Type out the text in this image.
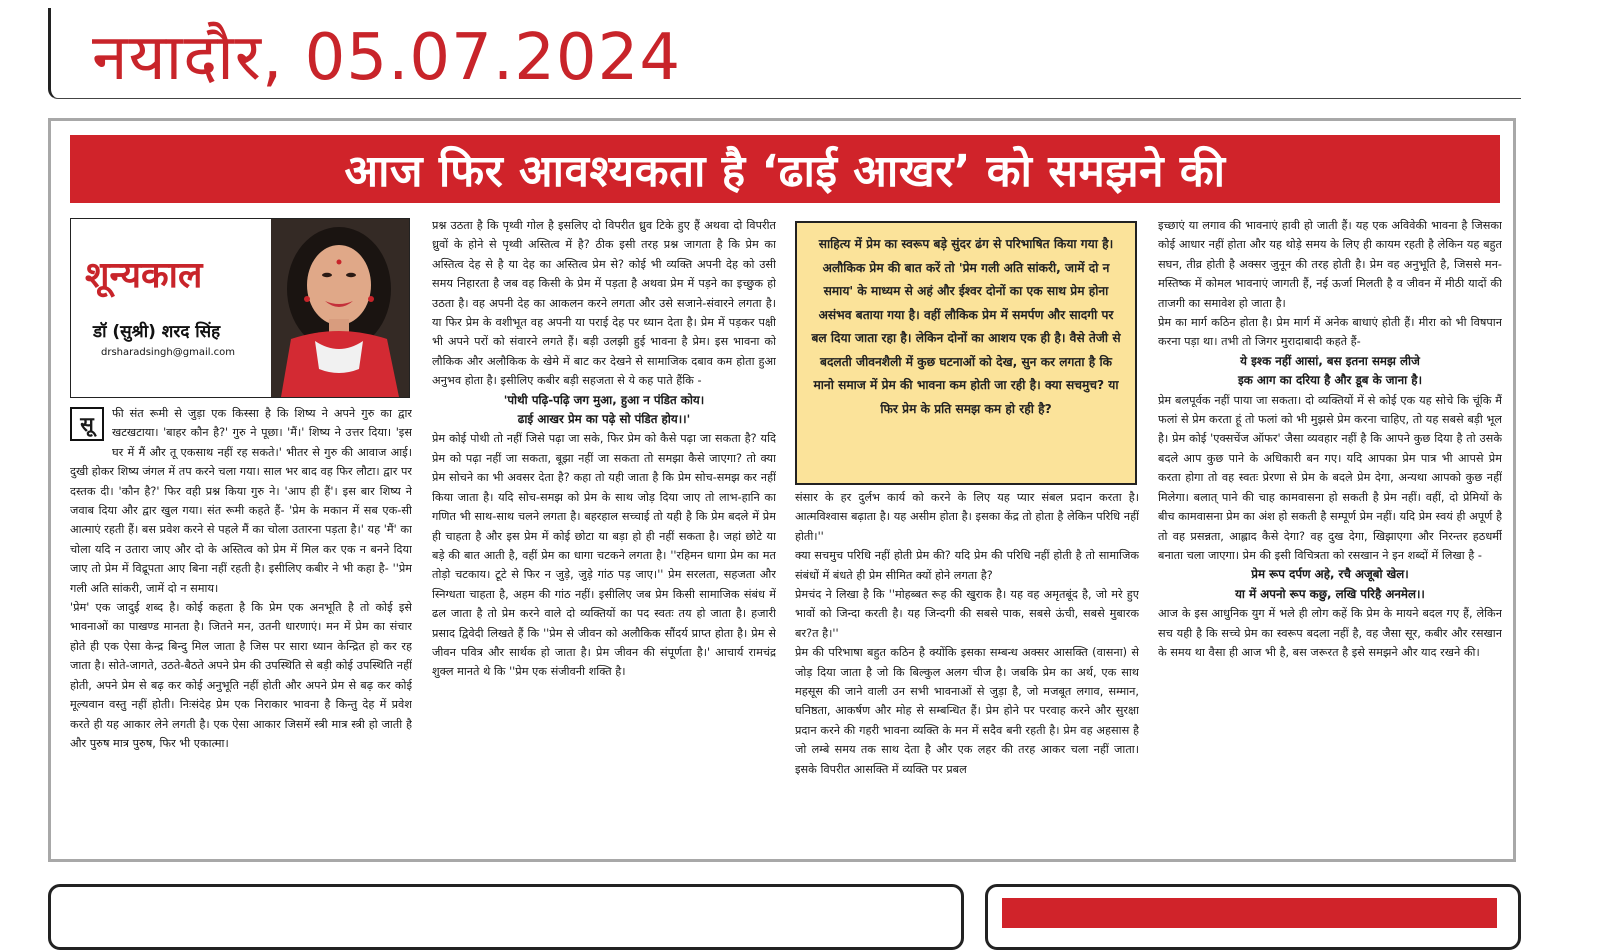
नयादौर, 05.07.2024
आज फिर आवश्यकता है ‘ढाई आखर’ को समझने की
शून्यकाल
डॉ (सुश्री) शरद सिंह
drsharadsingh@gmail.com
सू	फी संत रूमी से जुड़ा एक किस्सा है कि शिष्य ने अपने गुरु का द्वार खटखटाया। 'बाहर कौन है?' गुरु ने पूछा। 'मैं।' शिष्य ने उत्तर दिया। 'इस घर में मैं और तू एकसाथ नहीं रह सकते।' भीतर से गुरु की आवाज आई। दुखी होकर शिष्य जंगल में तप करने चला गया। साल भर बाद वह फिर लौटा। द्वार पर दस्तक दी। 'कौन है?' फिर वही प्रश्न किया गुरु ने। 'आप ही हैं'। इस बार शिष्य ने जवाब दिया और द्वार खुल गया। संत रूमी कहते हैं- 'प्रेम के मकान में सब एक-सी आत्माएं रहती हैं। बस प्रवेश करने से पहले मैं का चोला उतारना पड़ता है।' यह 'मैं' का चोला यदि न उतारा जाए और दो के अस्तित्व को प्रेम में मिल कर एक न बनने दिया जाए तो प्रेम में विद्रूपता आए बिना नहीं रहती है। इसीलिए कबीर ने भी कहा है- ''प्रेम गली अति सांकरी, जामें दो न समाय।

'प्रेम' एक जादुई शब्द है। कोई कहता है कि प्रेम एक अनभूति है तो कोई इसे भावनाओं का पाखण्ड मानता है। जितने मन, उतनी धारणाएं। मन में प्रेम का संचार होते ही एक ऐसा केन्द्र बिन्दु मिल जाता है जिस पर सारा ध्यान केन्द्रित हो कर रह जाता है। सोते-जागते, उठते-बैठते अपने प्रेम की उपस्थिति से बड़ी कोई उपस्थिति नहीं होती, अपने प्रेम से बढ़ कर कोई अनुभूति नहीं होती और अपने प्रेम से बढ़ कर कोई मूल्यवान वस्तु नहीं होती। निःसंदेह प्रेम एक निराकार भावना है किन्तु देह में प्रवेश करते ही यह आकार लेने लगती है। एक ऐसा आकार जिसमें स्त्री मात्र स्त्री हो जाती है और पुरुष मात्र पुरुष, फिर भी एकात्मा।

प्रश्न उठता है कि पृथ्वी गोल है इसलिए दो विपरीत ध्रुव टिके हुए हैं अथवा दो विपरीत ध्रुवों के होने से पृथ्वी अस्तित्व में है? ठीक इसी तरह प्रश्न जागता है कि प्रेम का अस्तित्व देह से है या देह का अस्तित्व प्रेम से? कोई भी व्यक्ति अपनी देह को उसी समय निहारता है जब वह किसी के प्रेम में पड़ता है अथवा प्रेम में पड़ने का इच्छुक हो उठता है। वह अपनी देह का आकलन करने लगता और उसे सजाने-संवारने लगता है। या फिर प्रेम के वशीभूत वह अपनी या पराई देह पर ध्यान देता है। प्रेम में पड़कर पक्षी भी अपने परों को संवारने लगते हैं। बड़ी उलझी हुई भावना है प्रेम। इस भावना को लौकिक और अलौकिक के खेमे में बाट कर देखने से सामाजिक दबाव कम होता हुआ अनुभव होता है। इसीलिए कबीर बड़ी सहजता से ये कह पाते हैंकि -

'पोथी पढ़ि-पढ़ि जग मुआ, हुआ न पंडित कोय।

ढाई आखर प्रेम का पढ़े सो पंडित होय।।'

प्रेम कोई पोथी तो नहीं जिसे पढ़ा जा सके, फिर प्रेम को कैसे पढ़ा जा सकता है? यदि प्रेम को पढ़ा नहीं जा सकता, बूझा नहीं जा सकता तो समझा कैसे जाएगा? तो क्या प्रेम सोचने का भी अवसर देता है? कहा तो यही जाता है कि प्रेम सोच-समझ कर नहीं किया जाता है। यदि सोच-समझ को प्रेम के साथ जोड़ दिया जाए तो लाभ-हानि का गणित भी साथ-साथ चलने लगता है। बहरहाल सच्चाई तो यही है कि प्रेम बदले में प्रेम ही चाहता है और इस प्रेम में कोई छोटा या बड़ा हो ही नहीं सकता है। जहां छोटे या बड़े की बात आती है, वहीं प्रेम का धागा चटकने लगता है। ''रहिमन धागा प्रेम का मत तोड़ो चटकाय। टूटे से फिर न जुड़े, जुड़े गांठ पड़ जाए।'' प्रेम सरलता, सहजता और स्निग्धता चाहता है, अहम की गांठ नहीं। इसीलिए जब प्रेम किसी सामाजिक संबंध में ढल जाता है तो प्रेम करने वाले दो व्यक्तियों का पद स्वतः तय हो जाता है। हजारी प्रसाद द्विवेदी लिखते हैं कि ''प्रेम से जीवन को अलौकिक सौंदर्य प्राप्त होता है। प्रेम से जीवन पवित्र और सार्थक हो जाता है। प्रेम जीवन की संपूर्णता है।' आचार्य रामचंद्र शुक्ल मानते थे कि ''प्रेम एक संजीवनी शक्ति है।

साहित्य में प्रेम का स्वरूप बड़े सुंदर ढंग से परिभाषित किया गया है। अलौकिक प्रेम की बात करें तो 'प्रेम गली अति सांकरी, जामें दो न समाय' के माध्यम से अहं और ईश्वर दोनों का एक साथ प्रेम होना असंभव बताया गया है। वहीं लौकिक प्रेम में समर्पण और सादगी पर बल दिया जाता रहा है। लेकिन दोनों का आशय एक ही है। वैसे तेजी से बदलती जीवनशैली में कुछ घटनाओं को देख, सुन कर लगता है कि मानो समाज में प्रेम की भावना कम होती जा रही है। क्या सचमुच? या फिर प्रेम के प्रति समझ कम हो रही है?

संसार के हर दुर्लभ कार्य को करने के लिए यह प्यार संबल प्रदान करता है। आत्मविश्वास बढ़ाता है। यह असीम होता है। इसका केंद्र तो होता है लेकिन परिधि नहीं होती।''

क्या सचमुच परिधि नहीं होती प्रेम की? यदि प्रेम की परिधि नहीं होती है तो सामाजिक संबंधों में बंधते ही प्रेम सीमित क्यों होने लगता है?

प्रेमचंद ने लिखा है कि ''मोहब्बत रूह की खुराक है। यह वह अमृतबूंद है, जो मरे हुए भावों को जिन्दा करती है। यह जिन्दगी की सबसे पाक, सबसे ऊंची, सबसे मुबारक बर?त है।''

प्रेम की परिभाषा बहुत कठिन है क्योंकि इसका सम्बन्ध अक्सर आसक्ति (वासना) से जोड़ दिया जाता है जो कि बिल्कुल अलग चीज है। जबकि प्रेम का अर्थ, एक साथ महसूस की जाने वाली उन सभी भावनाओं से जुड़ा है, जो मजबूत लगाव, सम्मान, घनिष्ठता, आकर्षण और मोह से सम्बन्धित हैं। प्रेम होने पर परवाह करने और सुरक्षा प्रदान करने की गहरी भावना व्यक्ति के मन में सदैव बनी रहती है। प्रेम वह अहसास है जो लम्बे समय तक साथ देता है और एक लहर की तरह आकर चला नहीं जाता। इसके विपरीत आसक्ति में व्यक्ति पर प्रबल

इच्छाएं या लगाव की भावनाएं हावी हो जाती हैं। यह एक अविवेकी भावना है जिसका कोई आधार नहीं होता और यह थोड़े समय के लिए ही कायम रहती है लेकिन यह बहुत सघन, तीव्र होती है अक्सर जुनून की तरह होती है। प्रेम वह अनुभूति है, जिससे मन-मस्तिष्क में कोमल भावनाएं जागती हैं, नई ऊर्जा मिलती है व जीवन में मीठी यादों की ताजगी का समावेश हो जाता है।

प्रेम का मार्ग कठिन होता है। प्रेम मार्ग में अनेक बाधाएं होती हैं। मीरा को भी विषपान करना पड़ा था। तभी तो जिगर मुरादाबादी कहते हैं-

ये इश्क नहीं आसां, बस इतना समझ लीजे

इक आग का दरिया है और डूब के जाना है।

प्रेम बलपूर्वक नहीं पाया जा सकता। दो व्यक्तियों में से कोई एक यह सोचे कि चूंकि मैं फलां से प्रेम करता हूं तो फलां को भी मुझसे प्रेम करना चाहिए, तो यह सबसे बड़ी भूल है। प्रेम कोई 'एक्सचेंज ऑफर' जैसा व्यवहार नहीं है कि आपने कुछ दिया है तो उसके बदले आप कुछ पाने के अधिकारी बन गए। यदि आपका प्रेम पात्र भी आपसे प्रेम करता होगा तो वह स्वतः प्रेरणा से प्रेम के बदले प्रेम देगा, अन्यथा आपको कुछ नहीं मिलेगा। बलात् पाने की चाह कामवासना हो सकती है प्रेम नहीं। वहीं, दो प्रेमियों के बीच कामवासना प्रेम का अंश हो सकती है सम्पूर्ण प्रेम नहीं। यदि प्रेम स्वयं ही अपूर्ण है तो वह प्रसन्नता, आह्लाद कैसे देगा? वह दुख देगा, खिझाएगा और निरन्तर हठधर्मी बनाता चला जाएगा। प्रेम की इसी विचित्रता को रसखान ने इन शब्दों में लिखा है -

प्रेम रूप दर्पण अहे, रचै अजूबो खेल।

या में अपनो रूप कछु, लखि परिहै अनमेल।।

आज के इस आधुनिक युग में भले ही लोग कहें कि प्रेम के मायने बदल गए हैं, लेकिन सच यही है कि सच्चे प्रेम का स्वरूप बदला नहीं है, वह जैसा सूर, कबीर और रसखान के समय था वैसा ही आज भी है, बस जरूरत है इसे समझने और याद रखने की।
